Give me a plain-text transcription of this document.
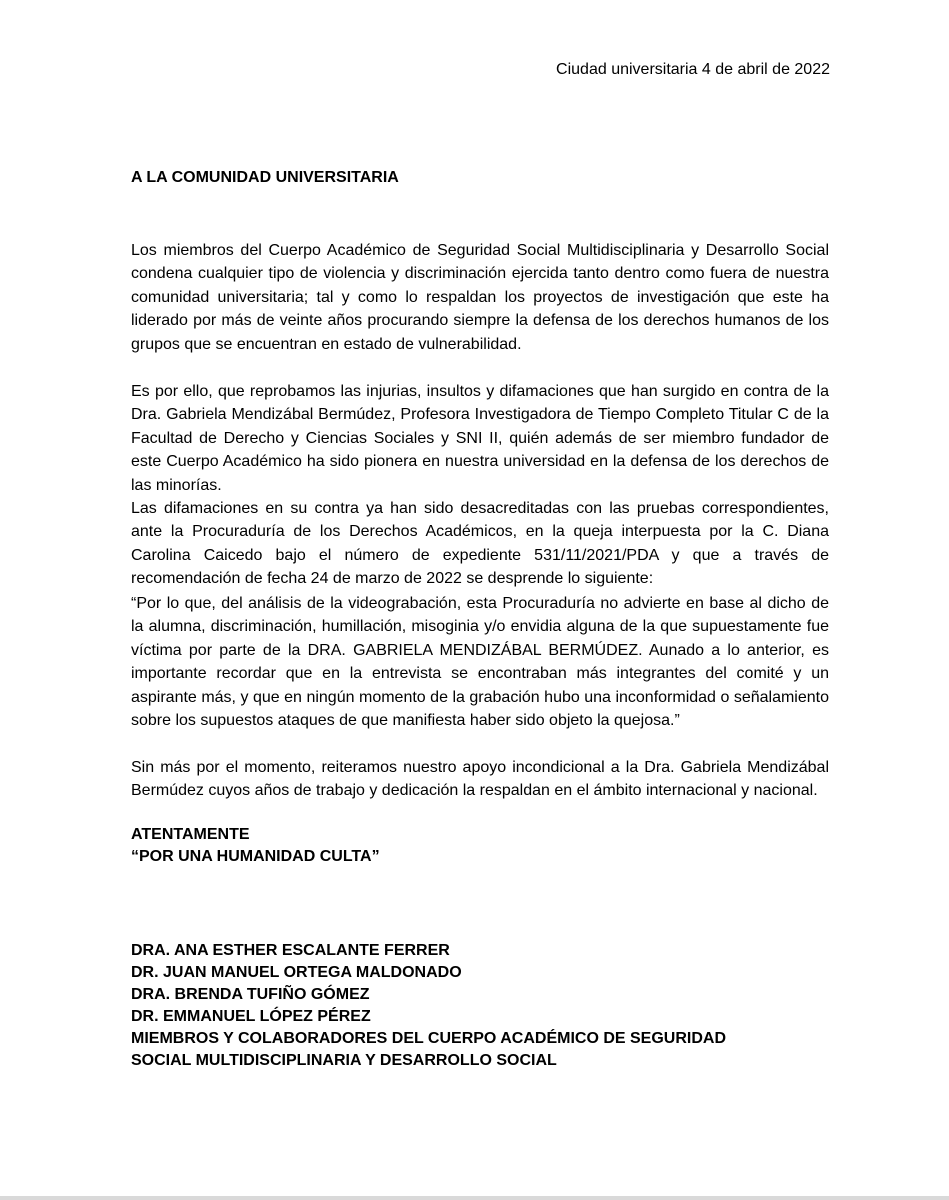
Ciudad universitaria 4 de abril de 2022
A LA COMUNIDAD UNIVERSITARIA

Los miembros del Cuerpo Académico de Seguridad Social Multidisciplinaria y Desarrollo Social condena cualquier tipo de violencia y discriminación ejercida tanto dentro como fuera de nuestra comunidad universitaria; tal y como lo respaldan los proyectos de investigación que este ha liderado por más de veinte años procurando siempre la defensa de los derechos humanos de los grupos que se encuentran en estado de vulnerabilidad.

Es por ello, que reprobamos las injurias, insultos y difamaciones que han surgido en contra de la Dra. Gabriela Mendizábal Bermúdez, Profesora Investigadora de Tiempo Completo Titular C de la Facultad de Derecho y Ciencias Sociales y SNI II, quién además de ser miembro fundador de este Cuerpo Académico ha sido pionera en nuestra universidad en la defensa de los derechos de las minorías.

Las difamaciones en su contra ya han sido desacreditadas con las pruebas correspondientes, ante la Procuraduría de los Derechos Académicos, en la queja interpuesta por la C. Diana Carolina Caicedo bajo el número de expediente 531/11/2021/PDA y que a través de recomendación de fecha 24 de marzo de 2022 se desprende lo siguiente:

“Por lo que, del análisis de la videograbación, esta Procuraduría no advierte en base al dicho de la alumna, discriminación, humillación, misoginia y/o envidia alguna de la que supuestamente fue víctima por parte de la DRA. GABRIELA MENDIZÁBAL BERMÚDEZ. Aunado a lo anterior, es importante recordar que en la entrevista se encontraban más integrantes del comité y un aspirante más, y que en ningún momento de la grabación hubo una inconformidad o señalamiento sobre los supuestos ataques de que manifiesta haber sido objeto la quejosa.”

Sin más por el momento, reiteramos nuestro apoyo incondicional a la Dra. Gabriela Mendizábal Bermúdez cuyos años de trabajo y dedicación la respaldan en el ámbito internacional y nacional.

ATENTAMENTE
“POR UNA HUMANIDAD CULTA”
DRA. ANA ESTHER ESCALANTE FERRER
DR. JUAN MANUEL ORTEGA MALDONADO
DRA. BRENDA TUFIÑO GÓMEZ
DR. EMMANUEL LÓPEZ PÉREZ
MIEMBROS Y COLABORADORES DEL CUERPO ACADÉMICO DE SEGURIDAD
SOCIAL MULTIDISCIPLINARIA Y DESARROLLO SOCIAL
